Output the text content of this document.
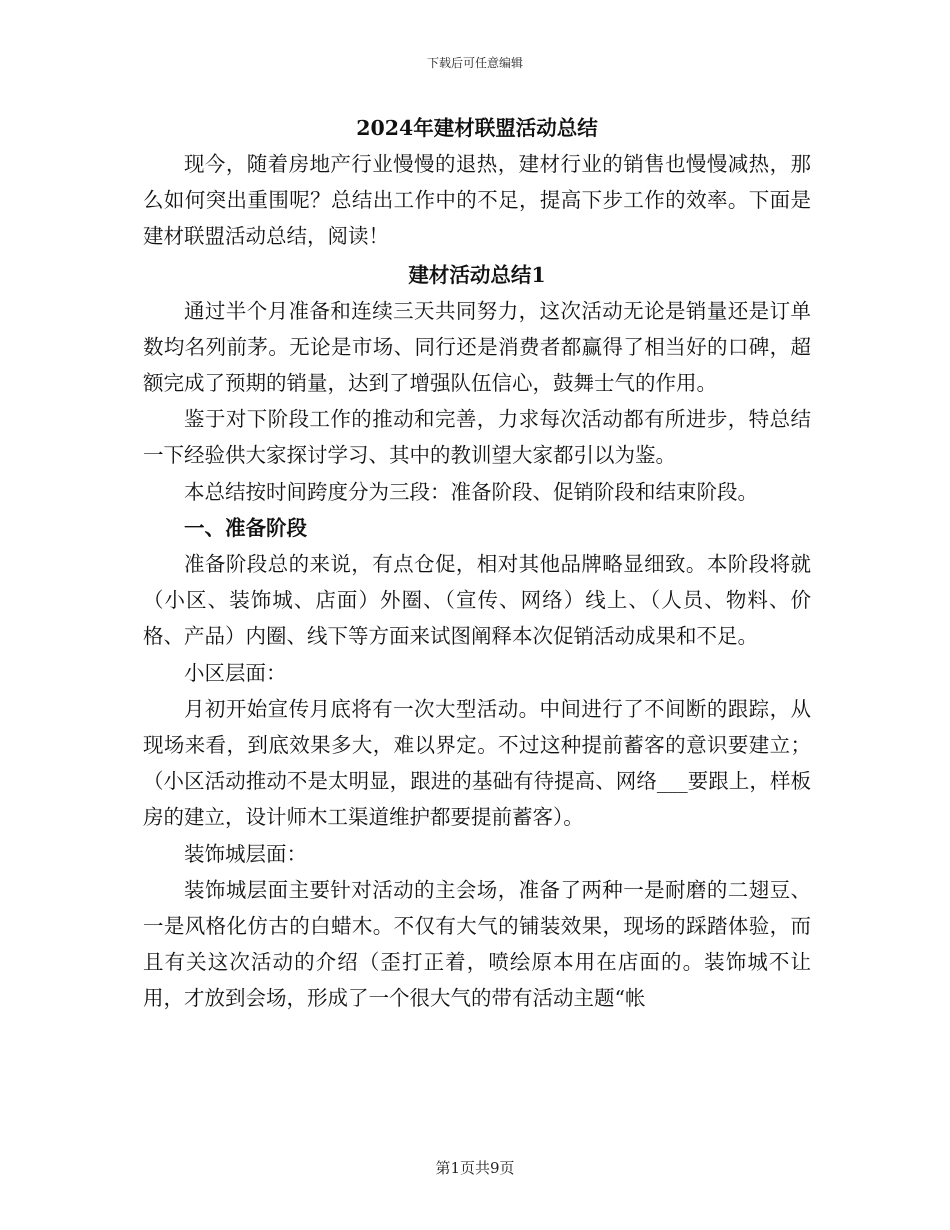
下载后可任意编辑
2024年建材联盟活动总结

现今，随着房地产行业慢慢的退热，建材行业的销售也慢慢减热，那么如何突出重围呢？总结出工作中的不足，提高下步工作的效率。下面是建材联盟活动总结，阅读！

建材活动总结1

通过半个月准备和连续三天共同努力，这次活动无论是销量还是订单数均名列前茅。无论是市场、同行还是消费者都赢得了相当好的口碑，超额完成了预期的销量，达到了增强队伍信心，鼓舞士气的作用。

鉴于对下阶段工作的推动和完善，力求每次活动都有所进步，特总结一下经验供大家探讨学习、其中的教训望大家都引以为鉴。

本总结按时间跨度分为三段：准备阶段、促销阶段和结束阶段。

一、准备阶段

准备阶段总的来说，有点仓促，相对其他品牌略显细致。本阶段将就（小区、装饰城、店面）外圈、（宣传、网络）线上、（人员、物料、价格、产品）内圈、线下等方面来试图阐释本次促销活动成果和不足。

小区层面：

月初开始宣传月底将有一次大型活动。中间进行了不间断的跟踪，从现场来看，到底效果多大，难以界定。不过这种提前蓄客的意识要建立；（小区活动推动不是太明显，跟进的基础有待提高、网络___要跟上，样板房的建立，设计师木工渠道维护都要提前蓄客）。

装饰城层面：

装饰城层面主要针对活动的主会场，准备了两种一是耐磨的二翅豆、一是风格化仿古的白蜡木。不仅有大气的铺装效果，现场的踩踏体验，而且有关这次活动的介绍（歪打正着，喷绘原本用在店面的。装饰城不让用，才放到会场，形成了一个很大气的带有活动主题“帐

第1页共9页
